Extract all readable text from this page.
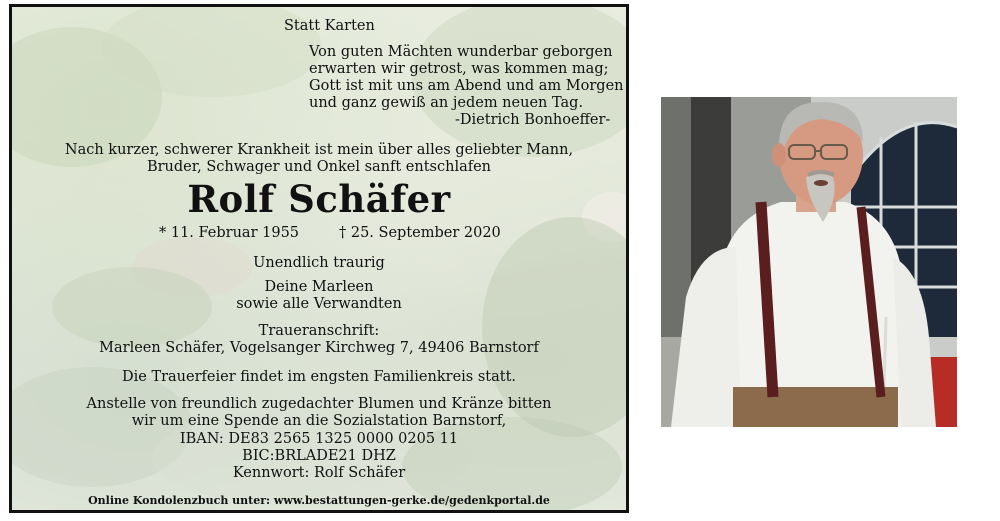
Statt Karten
Von guten Mächten wunderbar geborgen
erwarten wir getrost, was kommen mag;
Gott ist mit uns am Abend und am Morgen
und ganz gewiß an jedem neuen Tag.
-Dietrich Bonhoeffer-
Nach kurzer, schwerer Krankheit ist mein über alles geliebter Mann,
Bruder, Schwager und Onkel sanft entschlafen
Rolf Schäfer
* 11. Februar 1955	† 25. September 2020
Unendlich traurig
Deine Marleen
sowie alle Verwandten
Traueranschrift:
Marleen Schäfer, Vogelsanger Kirchweg 7, 49406 Barnstorf
Die Trauerfeier findet im engsten Familienkreis statt.
Anstelle von freundlich zugedachter Blumen und Kränze bitten
wir um eine Spende an die Sozialstation Barnstorf,
IBAN: DE83 2565 1325 0000 0205 11
BIC:BRLADE21 DHZ
Kennwort: Rolf Schäfer
Online Kondolenzbuch unter: www.bestattungen-gerke.de/gedenkportal.de
